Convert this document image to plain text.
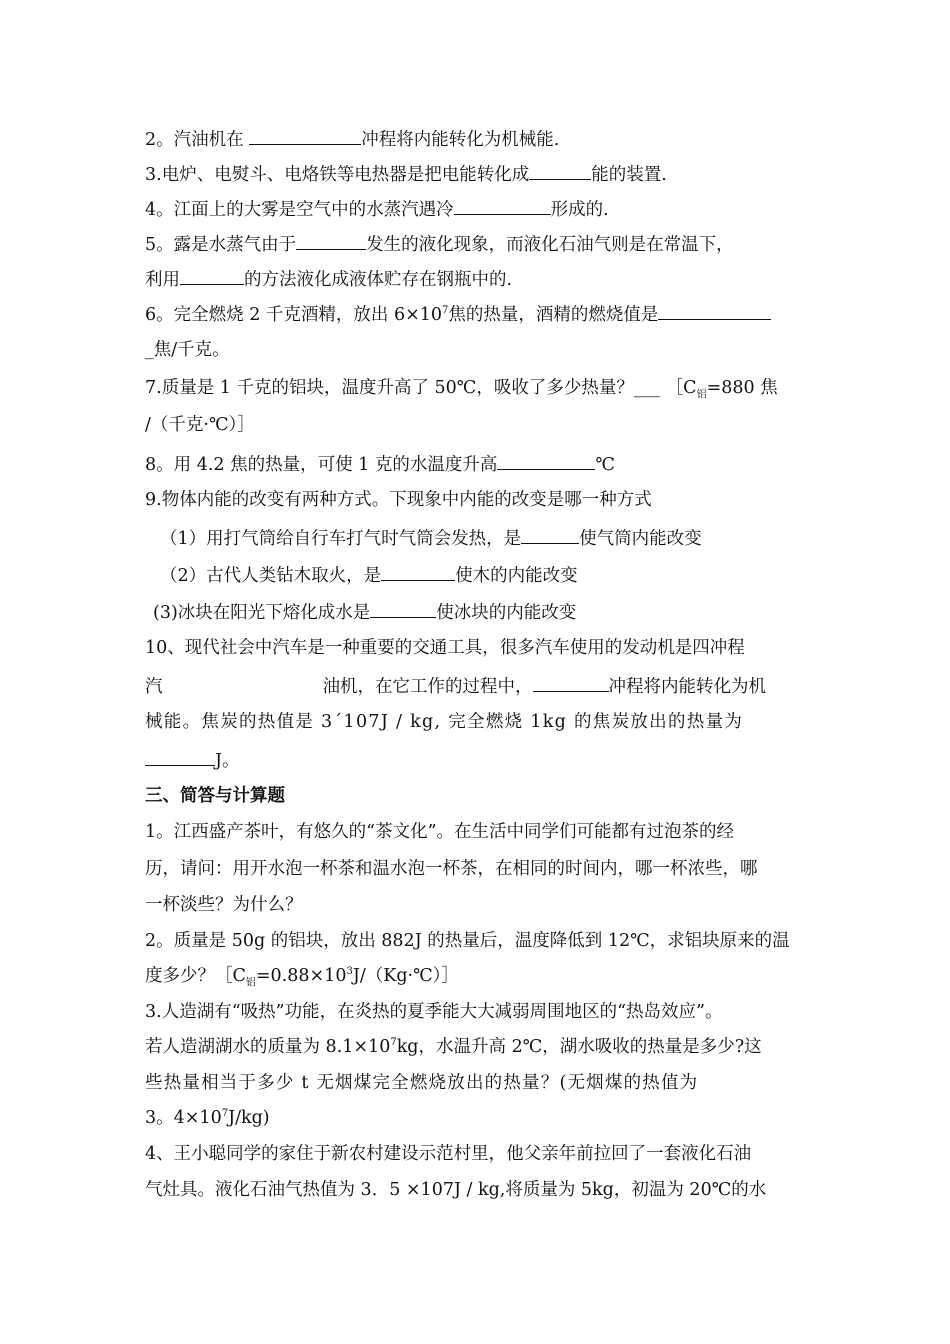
2。汽油机在	冲程将内能转化为机械能.
3.电炉、电熨斗、电烙铁等电热器是把电能转化成	能的装置.
4。江面上的大雾是空气中的水蒸汽遇冷	形成的.
5。露是水蒸气由于	发生的液化现象，而液化石油气则是在常温下，
利用	的方法液化成液体贮存在钢瓶中的.
6。完全燃烧 2 千克酒精，放出 $6\times 10^7$焦的热量，酒精的燃烧值是
_焦/千克。
7.质量是 1 千克的铝块，温度升高了 50℃，吸收了多少热量？___ $[C_铝=880$ 焦
/（千克·℃）］
8。用 4.2 焦的热量，可使 1 克的水温度升高	℃
9.物体内能的改变有两种方式。下现象中内能的改变是哪一种方式
（1）用打气筒给自行车打气时气筒会发热，是	使气筒内能改变
（2）古代人类钻木取火，是	使木的内能改变
(3)冰块在阳光下熔化成水是	使冰块的内能改变
10、现代社会中汽车是一种重要的交通工具，很多汽车使用的发动机是四冲程
汽	油机，在它工作的过程中，	冲程将内能转化为机
械能。焦炭的热值是 3´107J / kg, 完全燃烧 1kg 的焦炭放出的热量为
J。
三、简答与计算题
1。江西盛产茶叶，有悠久的“茶文化”。在生活中同学们可能都有过泡茶的经
历，请问：用开水泡一杯茶和温水泡一杯茶，在相同的时间内，哪一杯浓些，哪
一杯淡些？为什么？
2。质量是 50g 的铝块，放出 882J 的热量后，温度降低到 12℃，求铝块原来的温
度多少？$[C_铝=0.88\times 10^3J/(Kg\cdot℃)]$
3.人造湖有“吸热”功能，在炎热的夏季能大大减弱周围地区的“热岛效应”。
若人造湖湖水的质量为 $8.1\times 10^7kg$，水温升高 2℃，湖水吸收的热量是多少?这
些热量相当于多少 t 无烟煤完全燃烧放出的热量？(无烟煤的热值为
3。$4\times 10^7J/kg$)
4、王小聪同学的家住于新农村建设示范村里，他父亲年前拉回了一套液化石油
气灶具。液化石油气热值为 3．5 ×107J / kg,将质量为 5kg，初温为 20℃的水
